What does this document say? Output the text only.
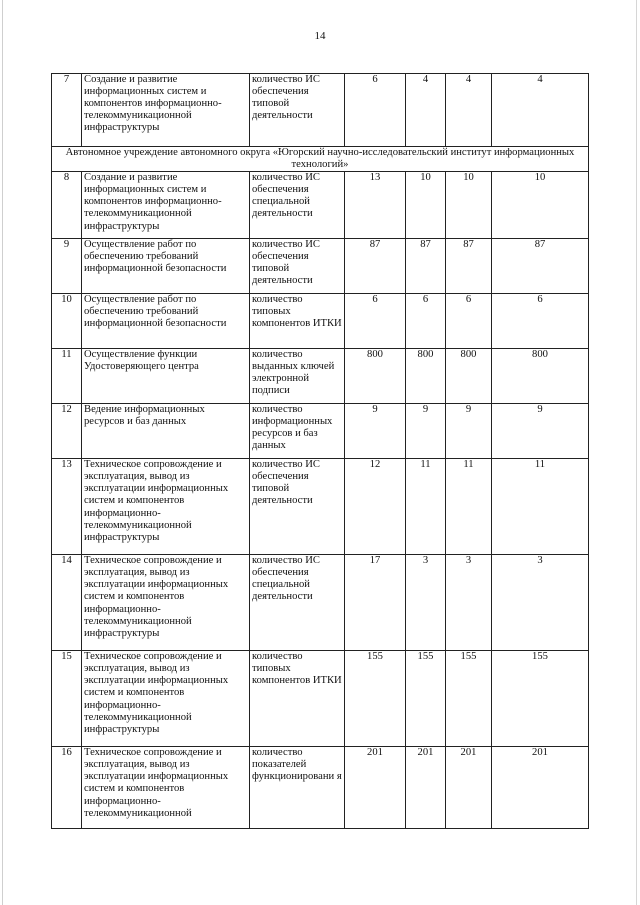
14
7	Создание и развитие информационных систем и компонентов информационно-телекоммуникационной инфраструктуры	количество ИС обеспечения типовой деятельности	6	4	4	4
Автономное учреждение автономного округа «Югорский научно-исследовательский институт информационных технологий»						
8	Создание и развитие информационных систем и компонентов информационно-телекоммуникационной инфраструктуры	количество ИС обеспечения специальной деятельности	13	10	10	10
9	Осуществление работ по обеспечению требований информационной безопасности	количество ИС обеспечения типовой деятельности	87	87	87	87
10	Осуществление работ по обеспечению требований информационной безопасности	количество типовых компонентов ИТКИ	6	6	6	6
11	Осуществление функции Удостоверяющего центра	количество выданных ключей электронной подписи	800	800	800	800
12	Ведение информационных ресурсов и баз данных	количество информационных ресурсов и баз данных	9	9	9	9
13	Техническое сопровождение и эксплуатация, вывод из эксплуатации информационных систем и компонентов информационно-телекоммуникационной инфраструктуры	количество ИС обеспечения типовой деятельности	12	11	11	11
14	Техническое сопровождение и эксплуатация, вывод из эксплуатации информационных систем и компонентов информационно-телекоммуникационной инфраструктуры	количество ИС обеспечения специальной деятельности	17	3	3	3
15	Техническое сопровождение и эксплуатация, вывод из эксплуатации информационных систем и компонентов информационно-телекоммуникационной инфраструктуры	количество типовых компонентов ИТКИ	155	155	155	155
16	Техническое сопровождение и эксплуатация, вывод из эксплуатации информационных систем и компонентов информационно-телекоммуникационной	количество показателей функционировани я	201	201	201	201
